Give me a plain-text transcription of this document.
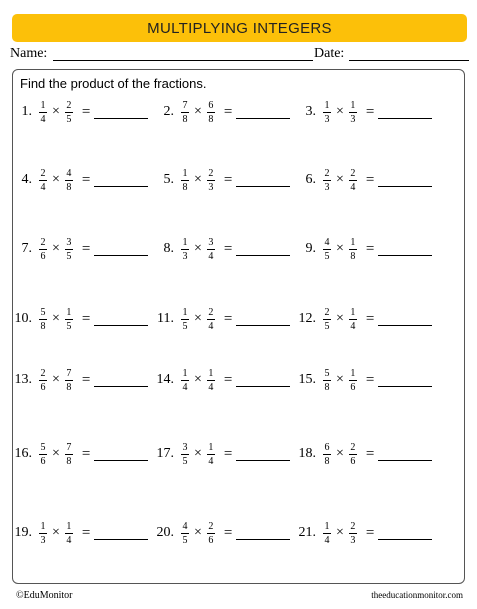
MULTIPLYING INTEGERS
Name:	Date:
Find the product of the fractions.
1. $\frac{1}{4} \times \frac{2}{5}$ =	2. $\frac{7}{8} \times \frac{6}{8}$ =	3. $\frac{1}{3} \times \frac{1}{3}$ =
4. $\frac{2}{4} \times \frac{4}{8}$ =	5. $\frac{1}{8} \times \frac{2}{3}$ =	6. $\frac{2}{3} \times \frac{2}{4}$ =
7. $\frac{2}{6} \times \frac{3}{5}$ =	8. $\frac{1}{3} \times \frac{3}{4}$ =	9. $\frac{4}{5} \times \frac{1}{8}$ =
10. $\frac{5}{8} \times \frac{1}{5}$ =	11. $\frac{1}{5} \times \frac{2}{4}$ =	12. $\frac{2}{5} \times \frac{1}{4}$ =
13. $\frac{2}{6} \times \frac{7}{8}$ =	14. $\frac{1}{4} \times \frac{1}{4}$ =	15. $\frac{5}{8} \times \frac{1}{6}$ =
16. $\frac{5}{6} \times \frac{7}{8}$ =	17. $\frac{3}{5} \times \frac{1}{4}$ =	18. $\frac{6}{8} \times \frac{2}{6}$ =
19. $\frac{1}{3} \times \frac{1}{4}$ =	20. $\frac{4}{5} \times \frac{2}{6}$ =	21. $\frac{1}{4} \times \frac{2}{3}$ =
©EduMonitor	theeducationmonitor.com
